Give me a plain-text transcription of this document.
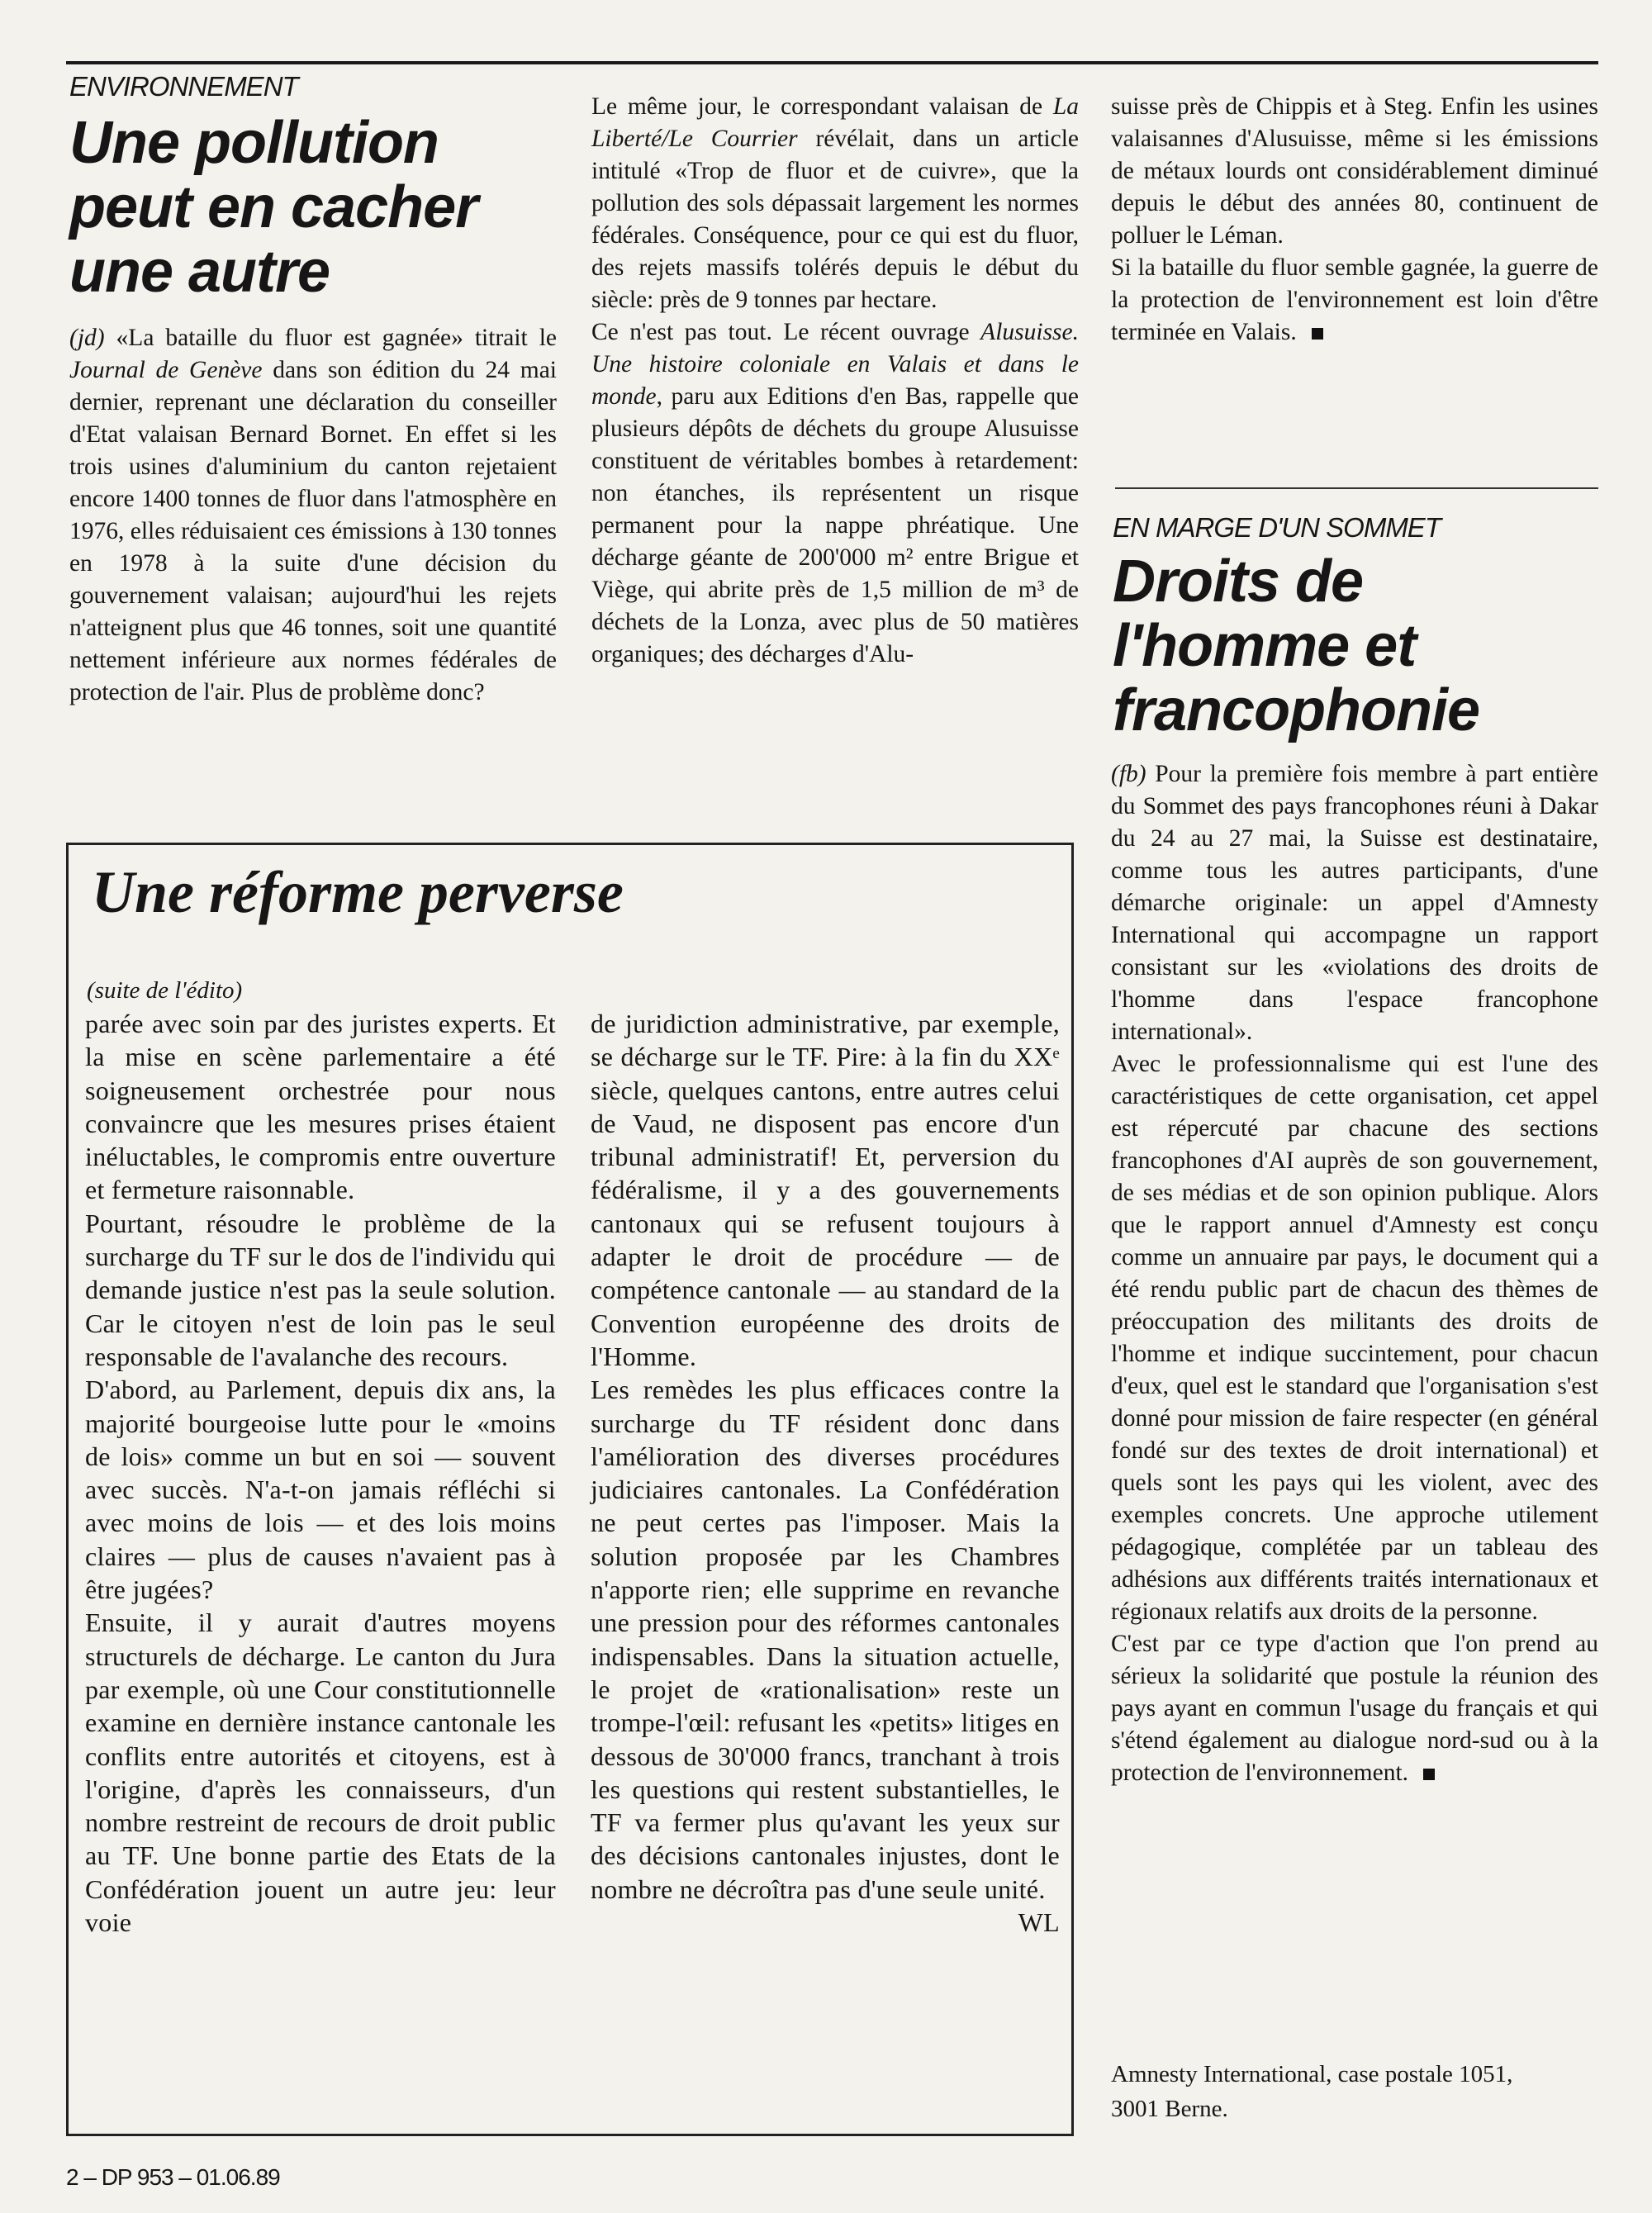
ENVIRONNEMENT
Une pollution
peut en cacher
une autre

(jd) «La bataille du fluor est gagnée» titrait le Journal de Genève dans son édition du 24 mai dernier, reprenant une déclaration du conseiller d'Etat valaisan Bernard Bornet. En effet si les trois usines d'aluminium du canton rejetaient encore 1400 tonnes de fluor dans l'atmosphère en 1976, elles réduisaient ces émissions à 130 tonnes en 1978 à la suite d'une décision du gouvernement valaisan; aujourd'hui les rejets n'atteignent plus que 46 tonnes, soit une quantité nettement inférieure aux normes fédérales de protection de l'air. Plus de problème donc?

Le même jour, le correspondant valaisan de La Liberté/Le Courrier révélait, dans un article intitulé «Trop de fluor et de cuivre», que la pollution des sols dépassait largement les normes fédérales. Conséquence, pour ce qui est du fluor, des rejets massifs tolérés depuis le début du siècle: près de 9 tonnes par hectare.

Ce n'est pas tout. Le récent ouvrage Alusuisse. Une histoire coloniale en Valais et dans le monde, paru aux Editions d'en Bas, rappelle que plusieurs dépôts de déchets du groupe Alusuisse constituent de véritables bombes à retardement: non étanches, ils représentent un risque permanent pour la nappe phréatique. Une décharge géante de 200'000 m² entre Brigue et Viège, qui abrite près de 1,5 million de m³ de déchets de la Lonza, avec plus de 50 matières organiques; des décharges d'Alu-

suisse près de Chippis et à Steg. Enfin les usines valaisannes d'Alusuisse, même si les émissions de métaux lourds ont considérablement diminué depuis le début des années 80, continuent de polluer le Léman.

Si la bataille du fluor semble gagnée, la guerre de la protection de l'environnement est loin d'être terminée en Valais.

EN MARGE D'UN SOMMET
Droits de
l'homme et
francophonie

(fb) Pour la première fois membre à part entière du Sommet des pays francophones réuni à Dakar du 24 au 27 mai, la Suisse est destinataire, comme tous les autres participants, d'une démarche originale: un appel d'Amnesty International qui accompagne un rapport consistant sur les «violations des droits de l'homme dans l'espace francophone international».

Avec le professionnalisme qui est l'une des caractéristiques de cette organisation, cet appel est répercuté par chacune des sections francophones d'AI auprès de son gouvernement, de ses médias et de son opinion publique. Alors que le rapport annuel d'Amnesty est conçu comme un annuaire par pays, le document qui a été rendu public part de chacun des thèmes de préoccupation des militants des droits de l'homme et indique succintement, pour chacun d'eux, quel est le standard que l'organisation s'est donné pour mission de faire respecter (en général fondé sur des textes de droit international) et quels sont les pays qui les violent, avec des exemples concrets. Une approche utilement pédagogique, complétée par un tableau des adhésions aux différents traités internationaux et régionaux relatifs aux droits de la personne.

C'est par ce type d'action que l'on prend au sérieux la solidarité que postule la réunion des pays ayant en commun l'usage du français et qui s'étend également au dialogue nord-sud ou à la protection de l'environnement.

Amnesty International, case postale 1051,
3001 Berne.
Une réforme perverse
(suite de l'édito)

parée avec soin par des juristes experts. Et la mise en scène parlementaire a été soigneusement orchestrée pour nous convaincre que les mesures prises étaient inéluctables, le compromis entre ouverture et fermeture raisonnable.

Pourtant, résoudre le problème de la surcharge du TF sur le dos de l'individu qui demande justice n'est pas la seule solution. Car le citoyen n'est de loin pas le seul responsable de l'avalanche des recours.

D'abord, au Parlement, depuis dix ans, la majorité bourgeoise lutte pour le «moins de lois» comme un but en soi — souvent avec succès. N'a-t-on jamais réfléchi si avec moins de lois — et des lois moins claires — plus de causes n'avaient pas à être jugées?

Ensuite, il y aurait d'autres moyens structurels de décharge. Le canton du Jura par exemple, où une Cour constitutionnelle examine en dernière instance cantonale les conflits entre autorités et citoyens, est à l'origine, d'après les connaisseurs, d'un nombre restreint de recours de droit public au TF. Une bonne partie des Etats de la Confédération jouent un autre jeu: leur voie

de juridiction administrative, par exemple, se décharge sur le TF. Pire: à la fin du XXᵉ siècle, quelques cantons, entre autres celui de Vaud, ne disposent pas encore d'un tribunal administratif! Et, perversion du fédéralisme, il y a des gouvernements cantonaux qui se refusent toujours à adapter le droit de procédure — de compétence cantonale — au standard de la Convention européenne des droits de l'Homme.

Les remèdes les plus efficaces contre la surcharge du TF résident donc dans l'amélioration des diverses procédures judiciaires cantonales. La Confédération ne peut certes pas l'imposer. Mais la solution proposée par les Chambres n'apporte rien; elle supprime en revanche une pression pour des réformes cantonales indispensables. Dans la situation actuelle, le projet de «rationalisation» reste un trompe-l'œil: refusant les «petits» litiges en dessous de 30'000 francs, tranchant à trois les questions qui restent substantielles, le TF va fermer plus qu'avant les yeux sur des décisions cantonales injustes, dont le nombre ne décroîtra pas d'une seule unité.

WL
2 – DP 953 – 01.06.89
